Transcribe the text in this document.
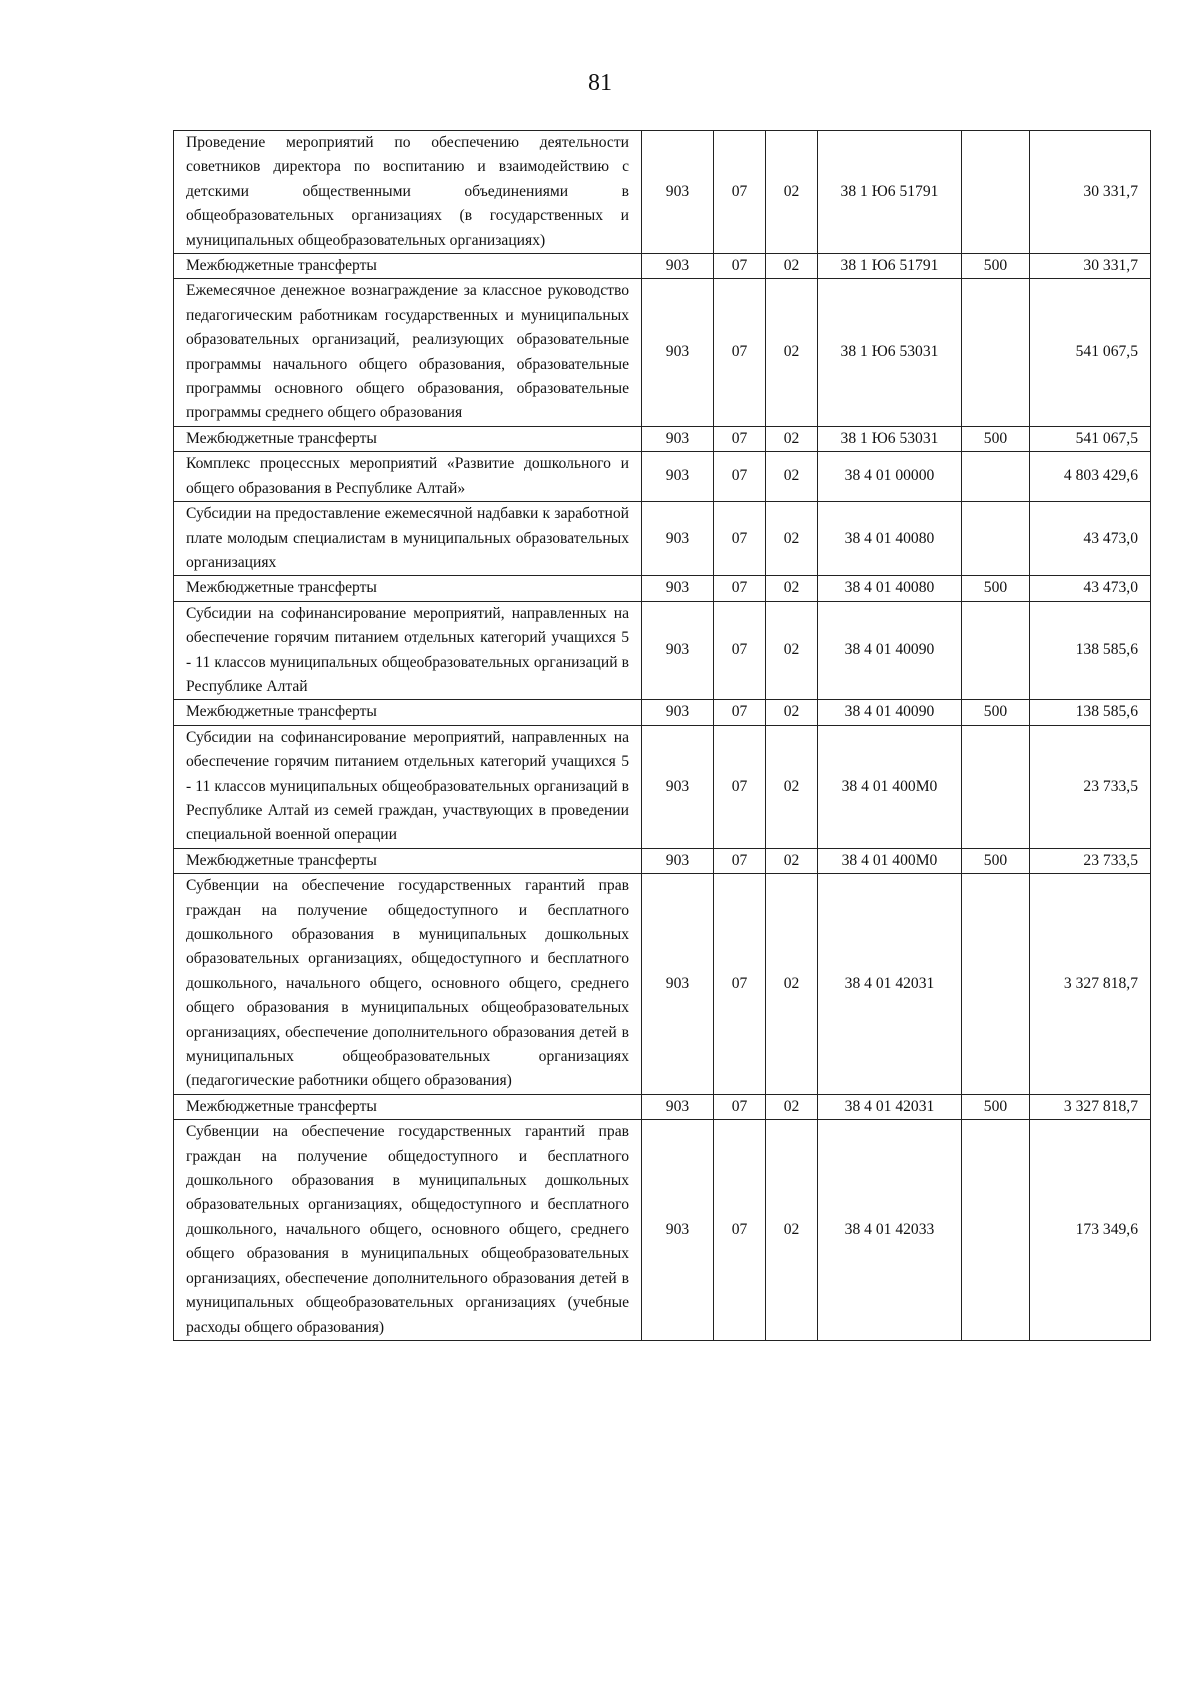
81
Проведение мероприятий по обеспечению деятельности советников директора по воспитанию и взаимодействию с детскими общественными объединениями в общеобразовательных организациях (в государственных и муниципальных общеобразовательных организациях)	903	07	02	38 1 Ю6 51791		30 331,7
Межбюджетные трансферты	903	07	02	38 1 Ю6 51791	500	30 331,7
Ежемесячное денежное вознаграждение за классное руководство педагогическим работникам государственных и муниципальных образовательных организаций, реализующих образовательные программы начального общего образования, образовательные программы основного общего образования, образовательные программы среднего общего образования	903	07	02	38 1 Ю6 53031		541 067,5
Межбюджетные трансферты	903	07	02	38 1 Ю6 53031	500	541 067,5
Комплекс процессных мероприятий «Развитие дошкольного и общего образования в Республике Алтай»	903	07	02	38 4 01 00000		4 803 429,6
Субсидии на предоставление ежемесячной надбавки к заработной плате молодым специалистам в муниципальных образовательных организациях	903	07	02	38 4 01 40080		43 473,0
Межбюджетные трансферты	903	07	02	38 4 01 40080	500	43 473,0
Субсидии на софинансирование мероприятий, направленных на обеспечение горячим питанием отдельных категорий учащихся 5 - 11 классов муниципальных общеобразовательных организаций в Республике Алтай	903	07	02	38 4 01 40090		138 585,6
Межбюджетные трансферты	903	07	02	38 4 01 40090	500	138 585,6
Субсидии на софинансирование мероприятий, направленных на обеспечение горячим питанием отдельных категорий учащихся 5 - 11 классов муниципальных общеобразовательных организаций в Республике Алтай из семей граждан, участвующих в проведении специальной военной операции	903	07	02	38 4 01 400М0		23 733,5
Межбюджетные трансферты	903	07	02	38 4 01 400М0	500	23 733,5
Субвенции на обеспечение государственных гарантий прав граждан на получение общедоступного и бесплатного дошкольного образования в муниципальных дошкольных образовательных организациях, общедоступного и бесплатного дошкольного, начального общего, основного общего, среднего общего образования в муниципальных общеобразовательных организациях, обеспечение дополнительного образования детей в муниципальных общеобразовательных организациях (педагогические работники общего образования)	903	07	02	38 4 01 42031		3 327 818,7
Межбюджетные трансферты	903	07	02	38 4 01 42031	500	3 327 818,7
Субвенции на обеспечение государственных гарантий прав граждан на получение общедоступного и бесплатного дошкольного образования в муниципальных дошкольных образовательных организациях, общедоступного и бесплатного дошкольного, начального общего, основного общего, среднего общего образования в муниципальных общеобразовательных организациях, обеспечение дополнительного образования детей в муниципальных общеобразовательных организациях (учебные расходы общего образования)	903	07	02	38 4 01 42033		173 349,6
